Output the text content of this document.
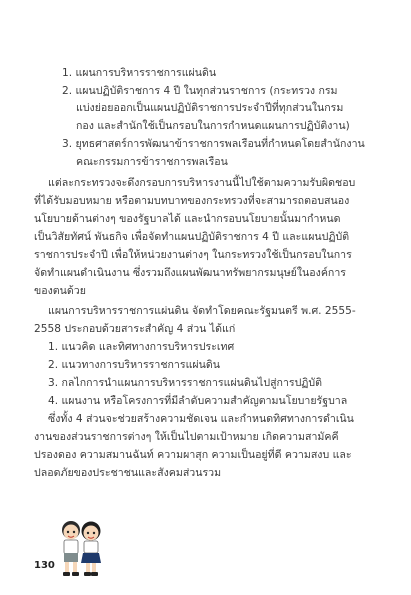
1. แผนการบริหารราชการแผ่นดิน
2. แผนปฏิบัติราชการ 4 ปี ในทุกส่วนราชการ (กระทรวง กรม
แบ่งย่อยออกเป็นแผนปฏิบัติราชการประจำปีที่ทุกส่วนในกรม
กอง และสำนักใช้เป็นกรอบในการกำหนดแผนการปฏิบัติงาน)
3. ยุทธศาสตร์การพัฒนาข้าราชการพลเรือนที่กำหนดโดยสำนักงาน
คณะกรรมการข้าราชการพลเรือน
แต่ละกระทรวงจะดึงกรอบการบริหารงานนี้ไปใช้ตามความรับผิดชอบ
ที่ได้รับมอบหมาย หรือตามบทบาทของกระทรวงที่จะสามารถตอบสนอง
นโยบายด้านต่างๆ ของรัฐบาลได้ และนำกรอบนโยบายนั้นมากำหนด
เป็นวิสัยทัศน์ พันธกิจ เพื่อจัดทำแผนปฏิบัติราชการ 4 ปี และแผนปฏิบัติ
ราชการประจำปี เพื่อให้หน่วยงานต่างๆ ในกระทรวงใช้เป็นกรอบในการ
จัดทำแผนดำเนินงาน ซึ่งรวมถึงแผนพัฒนาทรัพยากรมนุษย์ในองค์การ
ของตนด้วย
แผนการบริหารราชการแผ่นดิน จัดทำโดยคณะรัฐมนตรี พ.ศ. 2555-
2558 ประกอบด้วยสาระสำคัญ 4 ส่วน ได้แก่
1. แนวคิด และทิศทางการบริหารประเทศ
2. แนวทางการบริหารราชการแผ่นดิน
3. กลไกการนำแผนการบริหารราชการแผ่นดินไปสู่การปฏิบัติ
4. แผนงาน หรือโครงการที่มีลำดับความสำคัญตามนโยบายรัฐบาล
ซึ่งทั้ง 4 ส่วนจะช่วยสร้างความชัดเจน และกำหนดทิศทางการดำเนิน
งานของส่วนราชการต่างๆ ให้เป็นไปตามเป้าหมาย เกิดความสามัคคี
ปรองดอง ความสมานฉันท์ ความผาสุก ความเป็นอยู่ที่ดี ความสงบ และ
ปลอดภัยของประชาชนและสังคมส่วนรวม
130
